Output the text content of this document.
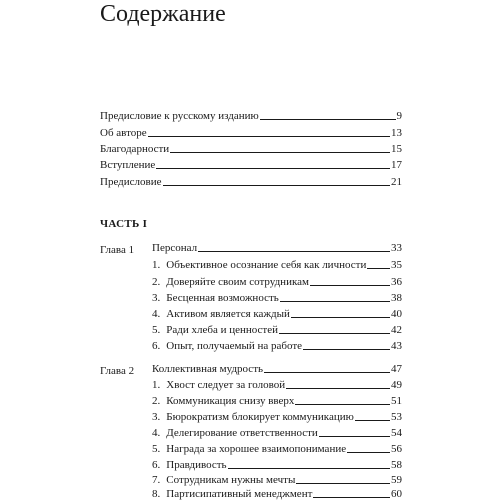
Содержание
Предисловие к русскому изданию	9
Об авторе	13
Благодарности	15
Вступление	17
Предисловие	21
ЧАСТЬ I
Глава 1 Персонал	33
1. Объективное осознание себя как личности 35
2. Доверяйте своим сотрудникам	36
3. Бесценная возможность	38
4. Активом является каждый	40
5. Ради хлеба и ценностей	42
6. Опыт, получаемый на работе	43
Глава 2 Коллективная мудрость	47
1. Хвост следует за головой	49
2. Коммуникация снизу вверх	51
3. Бюрократизм блокирует коммуникацию	53
4. Делегирование ответственности	54
5. Награда за хорошее взаимопонимание	56
6. Правдивость	58
7. Сотрудникам нужны мечты	59
8. Партисипативный менеджмент	60
